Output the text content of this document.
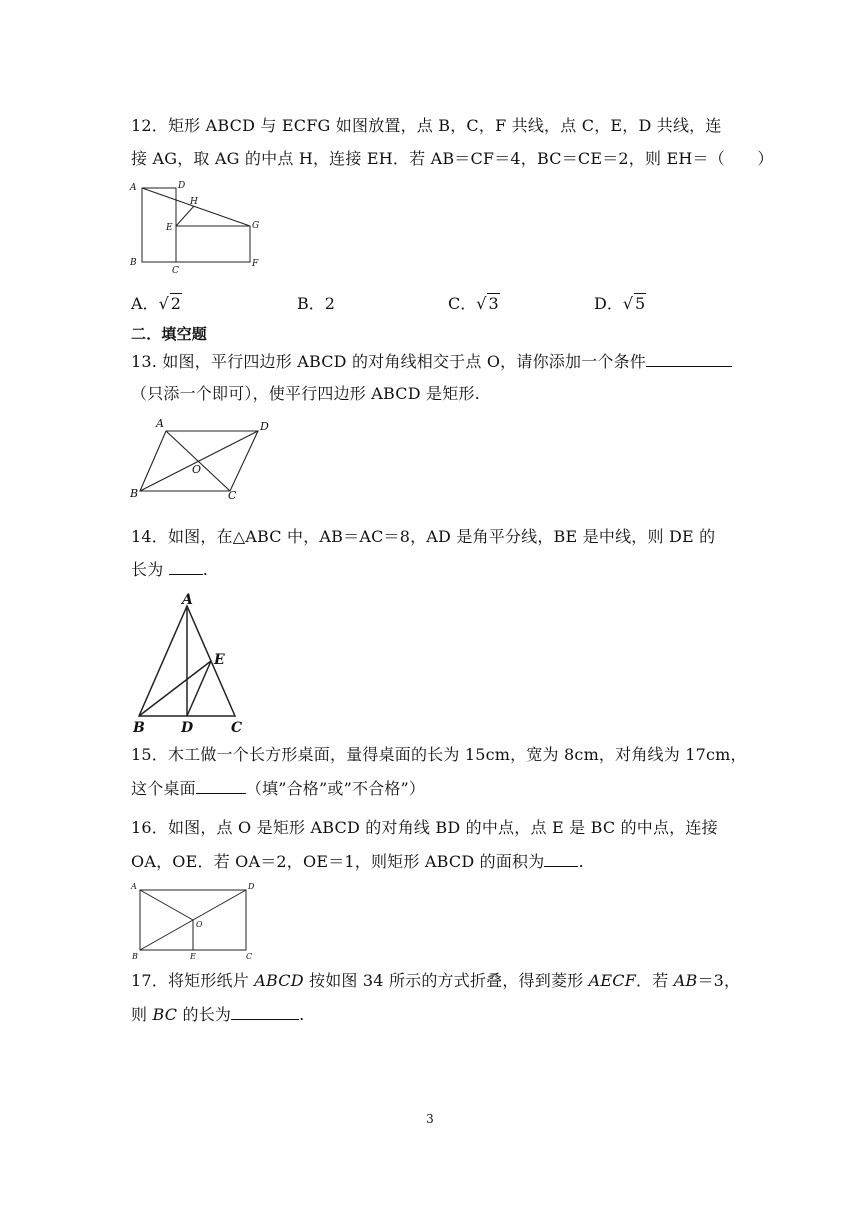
12．矩形 ABCD 与 ECFG 如图放置，点 B，C，F 共线，点 C，E，D 共线，连
接 AG，取 AG 的中点 H，连接 EH．若 AB＝CF＝4，BC＝CE＝2，则 EH＝（　　）
A	D
H
E	G
B
C
F
A．√ 2	B．2	C．√ 3	D．√ 5
二．填空题
13. 如图，平行四边形 ABCD 的对角线相交于点 O，请你添加一个条件
（只添一个即可），使平行四边形 ABCD 是矩形.
A	D
O
B	C
14．如图，在△ABC 中，AB＝AC＝8，AD 是角平分线，BE 是中线，则 DE 的
长为 .
A
E
B	D	C
15．木工做一个长方形桌面，量得桌面的长为 15cm，宽为 8cm，对角线为 17cm，
这个桌面	（填”合格”或”不合格”）
16．如图，点 O 是矩形 ABCD 的对角线 BD 的中点，点 E 是 BC 的中点，连接
OA，OE．若 OA＝2，OE＝1，则矩形 ABCD 的面积为 .
A	D
O
B	E	C
17．将矩形纸片 ABCD 按如图 34 所示的方式折叠，得到菱形 AECF．若 AB＝3，
则 BC 的长为	.
3
